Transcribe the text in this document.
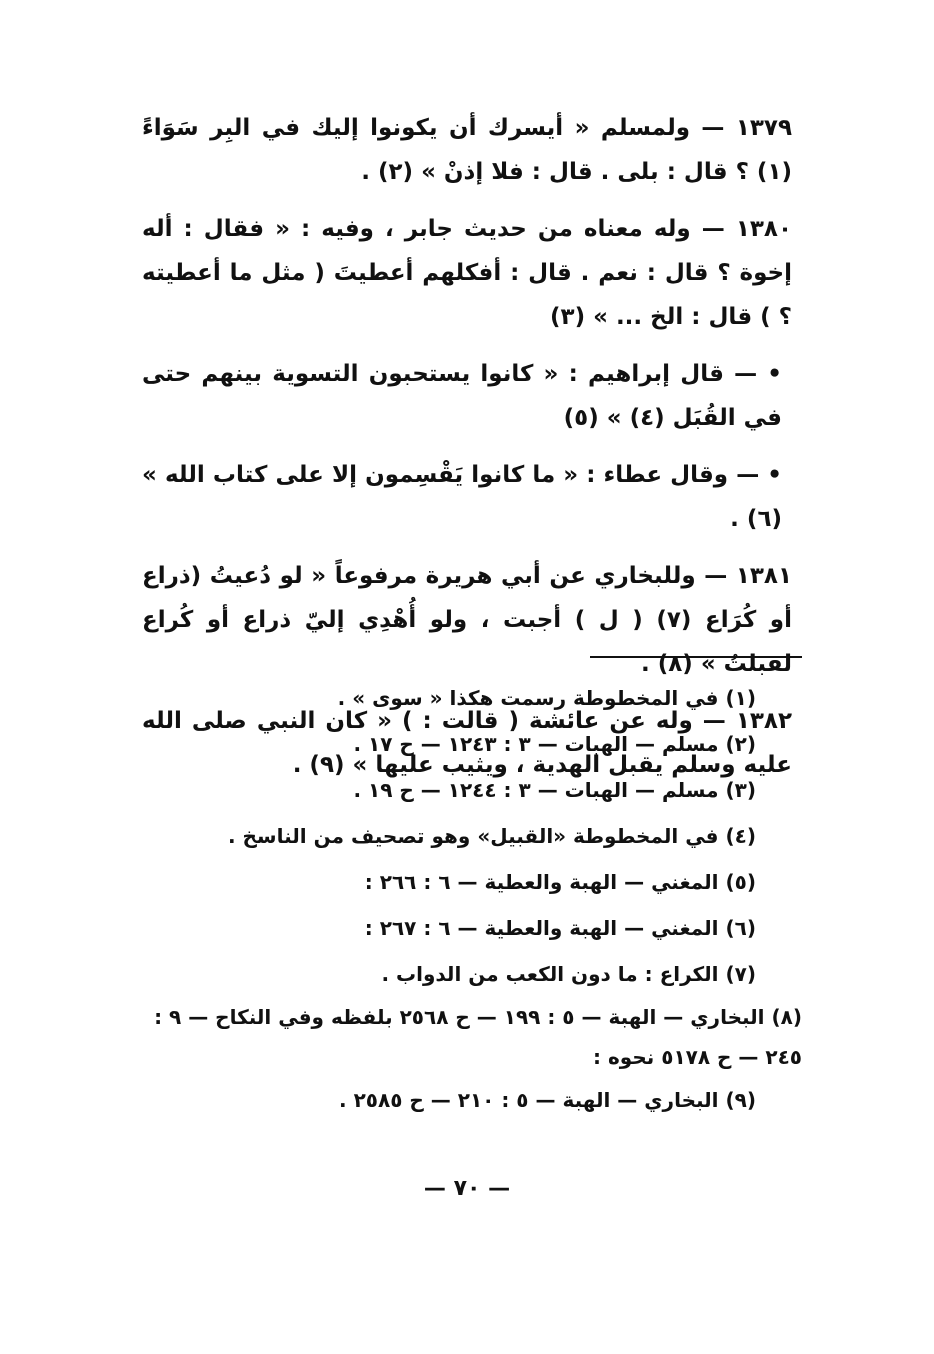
١٣٧٩ — ولمسلم « أيسرك أن يكونوا إليك في البِر سَوَاءً (١) ؟ قال : بلى . قال : فلا إذنْ » (٢) .

١٣٨٠ — وله معناه من حديث جابر ، وفيه : « فقال : أله إخوة ؟ قال : نعم . قال : أفكلهم أعطيتَ ( مثل ما أعطيته ؟ ) قال : الخ ... » (٣)

• — قال إبراهيم : « كانوا يستحبون التسوية بينهم حتى في القُبَل (٤) » (٥)

• — وقال عطاء : « ما كانوا يَقْسِمون إلا على كتاب الله » (٦) .

١٣٨١ — وللبخاري عن أبي هريرة مرفوعاً « لو دُعيتُ (ذراع أو كُرَاع (٧) ( ل ) أجبت ، ولو أُهْدِي إليّ ذراع أو كُراع لقبلتُ » (٨) .

١٣٨٢ — وله عن عائشة ( قالت : ) « كان النبي صلى الله عليه وسلم يقبل الهدية ، ويثيب عليها » (٩) .

(١) في المخطوطة رسمت هكذا « سوى » .

(٢) مسلم — الهبات — ٣ : ١٢٤٣ — ح ١٧ .

(٣) مسلم — الهبات — ٣ : ١٢٤٤ — ح ١٩ .

(٤) في المخطوطة «القبيل» وهو تصحيف من الناسخ .

(٥) المغني — الهبة والعطية — ٦ : ٢٦٦ :

(٦) المغني — الهبة والعطية — ٦ : ٢٦٧ :

(٧) الكراع : ما دون الكعب من الدواب .

(٨) البخاري — الهبة — ٥ : ١٩٩ — ح ٢٥٦٨ بلفظه وفي النكاح — ٩ : ٢٤٥ — ح ٥١٧٨ نحوه :

(٩) البخاري — الهبة — ٥ : ٢١٠ — ح ٢٥٨٥ .

— ٧٠ —
